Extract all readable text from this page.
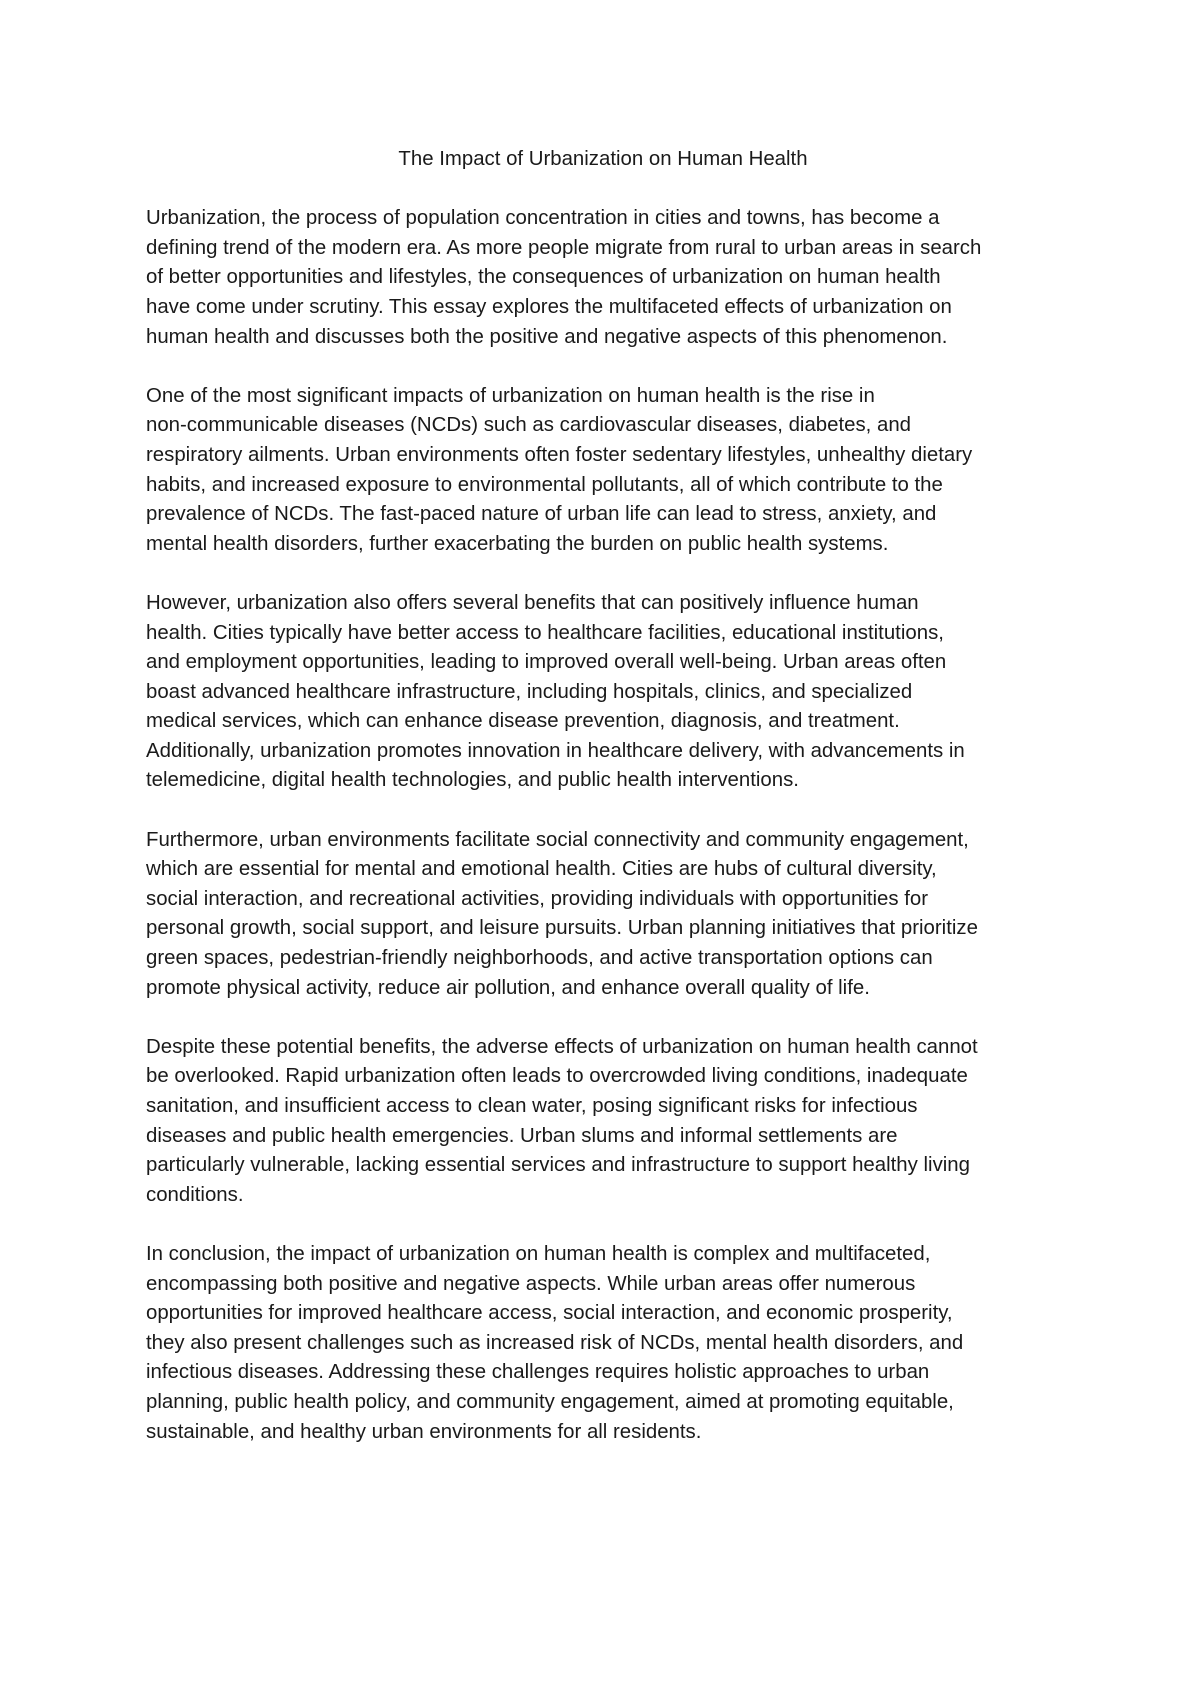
The Impact of Urbanization on Human Health
Urbanization, the process of population concentration in cities and towns, has become a
defining trend of the modern era. As more people migrate from rural to urban areas in search
of better opportunities and lifestyles, the consequences of urbanization on human health
have come under scrutiny. This essay explores the multifaceted effects of urbanization on
human health and discusses both the positive and negative aspects of this phenomenon.
One of the most significant impacts of urbanization on human health is the rise in
non-communicable diseases (NCDs) such as cardiovascular diseases, diabetes, and
respiratory ailments. Urban environments often foster sedentary lifestyles, unhealthy dietary
habits, and increased exposure to environmental pollutants, all of which contribute to the
prevalence of NCDs. The fast-paced nature of urban life can lead to stress, anxiety, and
mental health disorders, further exacerbating the burden on public health systems.
However, urbanization also offers several benefits that can positively influence human
health. Cities typically have better access to healthcare facilities, educational institutions,
and employment opportunities, leading to improved overall well-being. Urban areas often
boast advanced healthcare infrastructure, including hospitals, clinics, and specialized
medical services, which can enhance disease prevention, diagnosis, and treatment.
Additionally, urbanization promotes innovation in healthcare delivery, with advancements in
telemedicine, digital health technologies, and public health interventions.
Furthermore, urban environments facilitate social connectivity and community engagement,
which are essential for mental and emotional health. Cities are hubs of cultural diversity,
social interaction, and recreational activities, providing individuals with opportunities for
personal growth, social support, and leisure pursuits. Urban planning initiatives that prioritize
green spaces, pedestrian-friendly neighborhoods, and active transportation options can
promote physical activity, reduce air pollution, and enhance overall quality of life.
Despite these potential benefits, the adverse effects of urbanization on human health cannot
be overlooked. Rapid urbanization often leads to overcrowded living conditions, inadequate
sanitation, and insufficient access to clean water, posing significant risks for infectious
diseases and public health emergencies. Urban slums and informal settlements are
particularly vulnerable, lacking essential services and infrastructure to support healthy living
conditions.
In conclusion, the impact of urbanization on human health is complex and multifaceted,
encompassing both positive and negative aspects. While urban areas offer numerous
opportunities for improved healthcare access, social interaction, and economic prosperity,
they also present challenges such as increased risk of NCDs, mental health disorders, and
infectious diseases. Addressing these challenges requires holistic approaches to urban
planning, public health policy, and community engagement, aimed at promoting equitable,
sustainable, and healthy urban environments for all residents.
